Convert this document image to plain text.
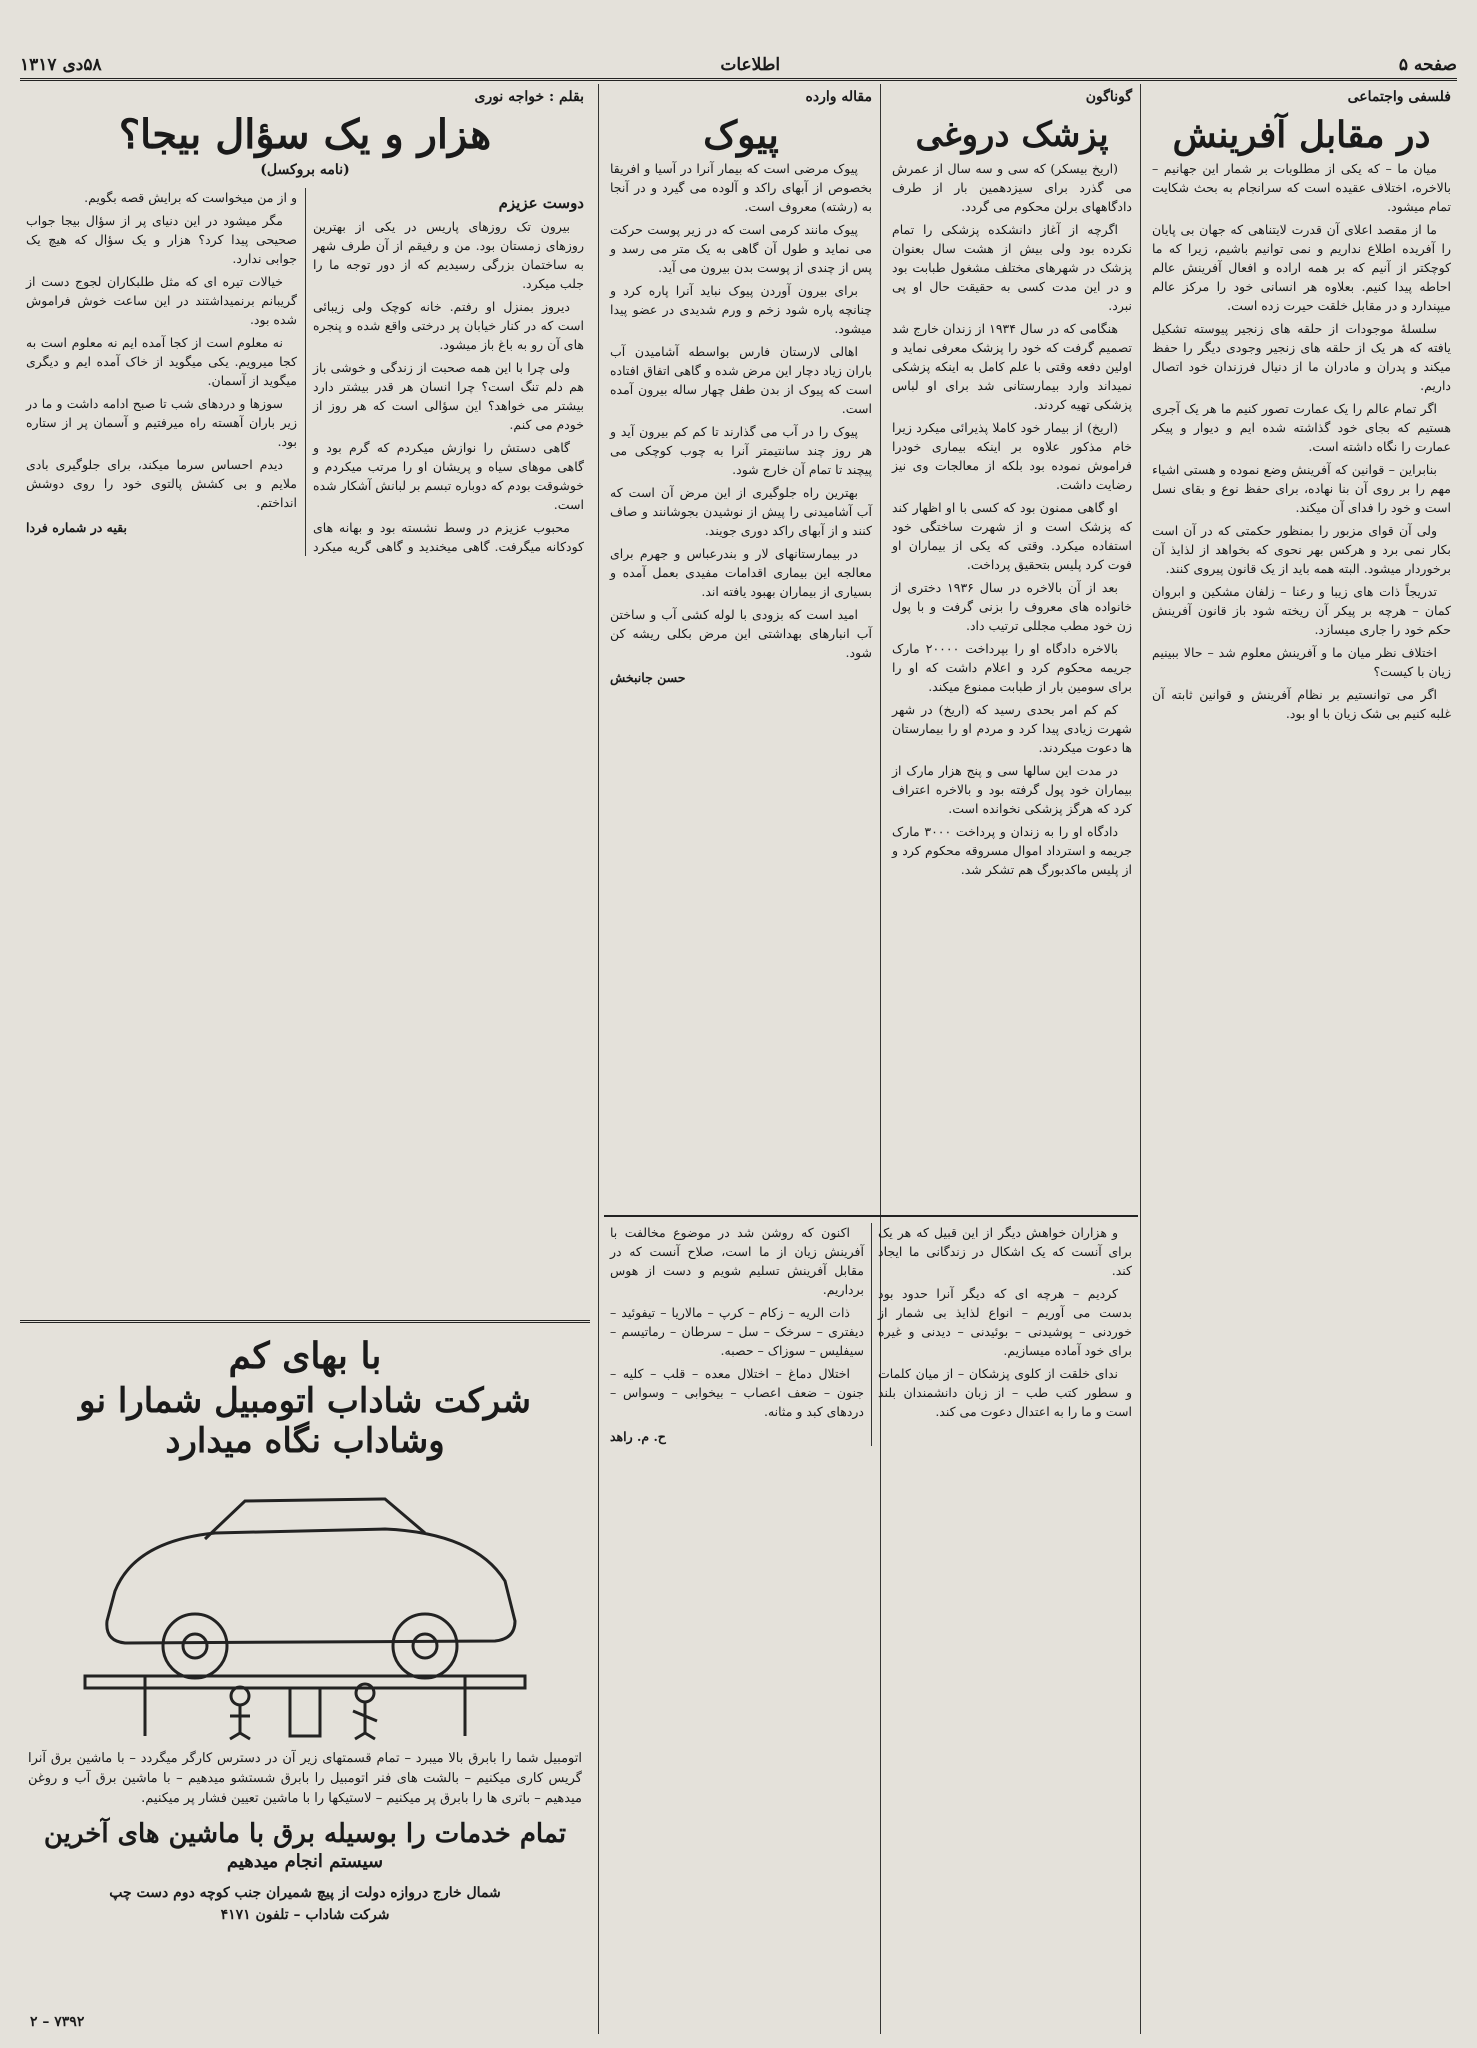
صفحه ۵
اطلاعات
۵۸دی ۱۳۱۷
فلسفی واجتماعی
در مقابل آفرینش

میان ما – که یکی از مطلوبات بر شمار این جهانیم – بالاخره، اختلاف عقیده است که سرانجام به بحث شکایت تمام میشود.

ما از مقصد اعلای آن قدرت لایتناهی که جهان بی پایان را آفریده اطلاع نداریم و نمی توانیم باشیم، زیرا که ما کوچکتر از آنیم که بر همه اراده و افعال آفرینش عالم احاطه پیدا کنیم. بعلاوه هر انسانی خود را مرکز عالم میپندارد و در مقابل خلقت حیرت زده است.

سلسلهٔ موجودات از حلقه های زنجیر پیوسته تشکیل یافته که هر یک از حلقه های زنجیر وجودی دیگر را حفظ میکند و پدران و مادران ما از دنیال فرزندان خود اتصال داریم.

اگر تمام عالم را یک عمارت تصور کنیم ما هر یک آجری هستیم که بجای خود گذاشته شده ایم و دیوار و پیکر عمارت را نگاه داشته است.

بنابراین – قوانین که آفرینش وضع نموده و هستی اشیاء مهم را بر روی آن بنا نهاده، برای حفظ نوع و بقای نسل است و خود را فدای آن میکند.

ولی آن قوای مزبور را بمنظور حکمتی که در آن است بکار نمی برد و هرکس بهر نحوی که بخواهد از لذایذ آن برخوردار میشود. البته همه باید از یک قانون پیروی کنند.

تدریجاً ذات های زیبا و رعنا – زلفان مشکین و ابروان کمان – هرچه بر پیکر آن ریخته شود باز قانون آفرینش حکم خود را جاری میسازد.

اختلاف نظر میان ما و آفرینش معلوم شد – حالا ببینیم زیان با کیست؟

اگر می توانستیم بر نظام آفرینش و قوانین ثابته آن غلبه کنیم بی شک زیان با او بود.

گوناگون
پزشک دروغی

(اریخ بیسکر) که سی و سه سال از عمرش می گذرد برای سیزدهمین بار از طرف دادگاههای برلن محکوم می گردد.

اگرچه از آغاز دانشکده پزشکی را تمام نکرده بود ولی بیش از هشت سال بعنوان پزشک در شهرهای مختلف مشغول طبابت بود و در این مدت کسی به حقیقت حال او پی نبرد.

هنگامی که در سال ۱۹۳۴ از زندان خارج شد تصمیم گرفت که خود را پزشک معرفی نماید و اولین دفعه وقتی با علم کامل به اینکه پزشکی نمیداند وارد بیمارستانی شد برای او لباس پزشکی تهیه کردند.

(اریخ) از بیمار خود کاملا پذیرائی میکرد زیرا خام مذکور علاوه بر اینکه بیماری خودرا فراموش نموده بود بلکه از معالجات وی نیز رضایت داشت.

او گاهی ممنون بود که کسی با او اظهار کند که پزشک است و از شهرت ساختگی خود استفاده میکرد. وقتی که یکی از بیماران او فوت کرد پلیس بتحقیق پرداخت.

بعد از آن بالاخره در سال ۱۹۳۶ دختری از خانواده های معروف را بزنی گرفت و با پول زن خود مطب مجللی ترتیب داد.

بالاخره دادگاه او را بپرداخت ۲۰۰۰۰ مارک جریمه محکوم کرد و اعلام داشت که او را برای سومین بار از طبابت ممنوع میکند.

کم کم امر بحدی رسید که (اریخ) در شهر شهرت زیادی پیدا کرد و مردم او را بیمارستان ها دعوت میکردند.

در مدت این سالها سی و پنج هزار مارک از بیماران خود پول گرفته بود و بالاخره اعتراف کرد که هرگز پزشکی نخوانده است.

دادگاه او را به زندان و پرداخت ۳۰۰۰ مارک جریمه و استرداد اموال مسروقه محکوم کرد و از پلیس ماکدبورگ هم تشکر شد.

مقاله وارده
پیوک

پیوک مرضی است که بیمار آنرا در آسیا و افریقا بخصوص از آبهای راکد و آلوده می گیرد و در آنجا به (رشته) معروف است.

پیوک مانند کرمی است که در زیر پوست حرکت می نماید و طول آن گاهی به یک متر می رسد و پس از چندی از پوست بدن بیرون می آید.

برای بیرون آوردن پیوک نباید آنرا پاره کرد و چنانچه پاره شود زخم و ورم شدیدی در عضو پیدا میشود.

اهالی لارستان فارس بواسطه آشامیدن آب باران زیاد دچار این مرض شده و گاهی اتفاق افتاده است که پیوک از بدن طفل چهار ساله بیرون آمده است.

پیوک را در آب می گذارند تا کم کم بیرون آید و هر روز چند سانتیمتر آنرا به چوب کوچکی می پیچند تا تمام آن خارج شود.

بهترین راه جلوگیری از این مرض آن است که آب آشامیدنی را پیش از نوشیدن بجوشانند و صاف کنند و از آبهای راکد دوری جویند.

در بیمارستانهای لار و بندرعباس و جهرم برای معالجه این بیماری اقدامات مفیدی بعمل آمده و بسیاری از بیماران بهبود یافته اند.

امید است که بزودی با لوله کشی آب و ساختن آب انبارهای بهداشتی این مرض بکلی ریشه کن شود.

حسن جانبخش

و هزاران خواهش دیگر از این قبیل که هر یک برای آنست که یک اشکال در زندگانی ما ایجاد کند.

کردیم – هرچه ای که دیگر آنرا حدود بود بدست می آوریم – انواع لذایذ بی شمار از خوردنی – پوشیدنی – بوئیدنی – دیدنی و غیره برای خود آماده میسازیم.

ندای خلقت از کلوی پزشکان – از میان کلمات و سطور کتب طب – از زبان دانشمندان بلند است و ما را به اعتدال دعوت می کند.

اکنون که روشن شد در موضوع مخالفت با آفرینش زیان از ما است، صلاح آنست که در مقابل آفرینش تسلیم شویم و دست از هوس برداریم.

ذات الریه – زکام – کرپ – مالاریا – تیفوئید – دیفتری – سرخک – سل – سرطان – رماتیسم – سیفلیس – سوزاک – حصبه.

اختلال دماغ – اختلال معده – قلب – کلیه – جنون – ضعف اعصاب – بیخوابی – وسواس – دردهای کبد و مثانه.

ح. م. راهد
بقلم : خواجه نوری
هزار و یک سؤال بیجا؟
(نامه بروکسل)
دوست عزیزم

بیرون تک روزهای پاریس در یکی از بهترین روزهای زمستان بود. من و رفیقم از آن طرف شهر به ساختمان بزرگی رسیدیم که از دور توجه ما را جلب میکرد.

دیروز بمنزل او رفتم. خانه کوچک ولی زیبائی است که در کنار خیابان پر درختی واقع شده و پنجره های آن رو به باغ باز میشود.

ولی چرا با این همه صحبت از زندگی و خوشی باز هم دلم تنگ است؟ چرا انسان هر قدر بیشتر دارد بیشتر می خواهد؟ این سؤالی است که هر روز از خودم می کنم.

گاهی دستش را نوازش میکردم که گرم بود و گاهی موهای سیاه و پریشان او را مرتب میکردم و خوشوقت بودم که دوباره تبسم بر لبانش آشکار شده است.

محبوب عزیزم در وسط نشسته بود و بهانه های کودکانه میگرفت. گاهی میخندید و گاهی گریه میکرد و از من میخواست که برایش قصه بگویم.

مگر میشود در این دنیای پر از سؤال بیجا جواب صحیحی پیدا کرد؟ هزار و یک سؤال که هیچ یک جوابی ندارد.

خیالات تیره ای که مثل طلبکاران لجوج دست از گریبانم برنمیداشتند در این ساعت خوش فراموش شده بود.

نه معلوم است از کجا آمده ایم نه معلوم است به کجا میرویم. یکی میگوید از خاک آمده ایم و دیگری میگوید از آسمان.

سوزها و دردهای شب تا صبح ادامه داشت و ما در زیر باران آهسته راه میرفتیم و آسمان پر از ستاره بود.

دیدم احساس سرما میکند، برای جلوگیری بادی ملایم و بی کشش پالتوی خود را روی دوشش انداختم.

بقیه در شماره فردا
با بهای کم
شرکت شاداب اتومبیل شمارا نو وشاداب نگاه میدارد
اتومبیل شما را بابرق بالا میبرد – تمام قسمتهای زیر آن در دسترس کارگر میگردد – با ماشین برق آنرا گریس کاری میکنیم – بالشت های فنر اتومبیل را بابرق شستشو میدهیم – با ماشین برق آب و روغن میدهیم – باتری ها را بابرق پر میکنیم – لاستیکها را با ماشین تعیین فشار پر میکنیم.
تمام خدمات را بوسیله برق با ماشین های آخرین
سیستم انجام میدهیم
شمال خارج دروازه دولت از پیچ شمیران جنب کوچه دوم دست چپ
شرکت شاداب – تلفون ۴۱۷۱
۲ – ۷۳۹۲
